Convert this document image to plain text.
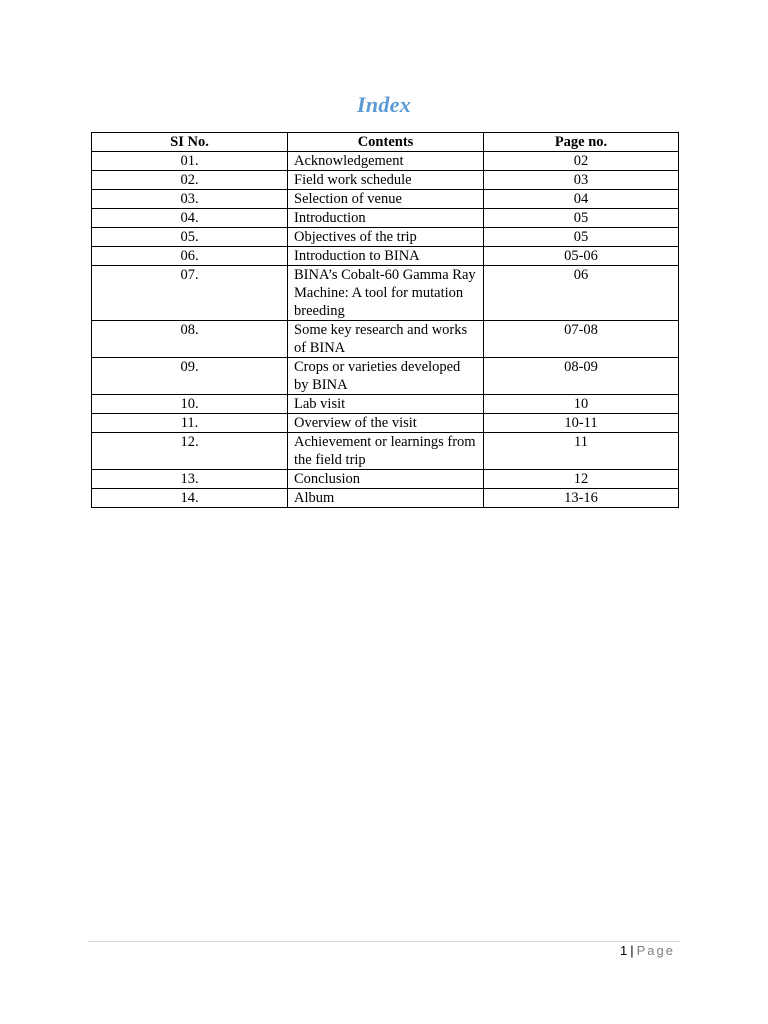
Index
SI No.	Contents	Page no.
01.	Acknowledgement	02
02.	Field work schedule	03
03.	Selection of venue	04
04.	Introduction	05
05.	Objectives of the trip	05
06.	Introduction to BINA	05-06
07.	BINA’s Cobalt-60 Gamma Ray Machine: A tool for mutation breeding	06
08.	Some key research and works of BINA	07-08
09.	Crops or varieties developed by BINA	08-09
10.	Lab visit	10
11.	Overview of the visit	10-11
12.	Achievement or learnings from the field trip	11
13.	Conclusion	12
14.	Album	13-16
1 | Page
